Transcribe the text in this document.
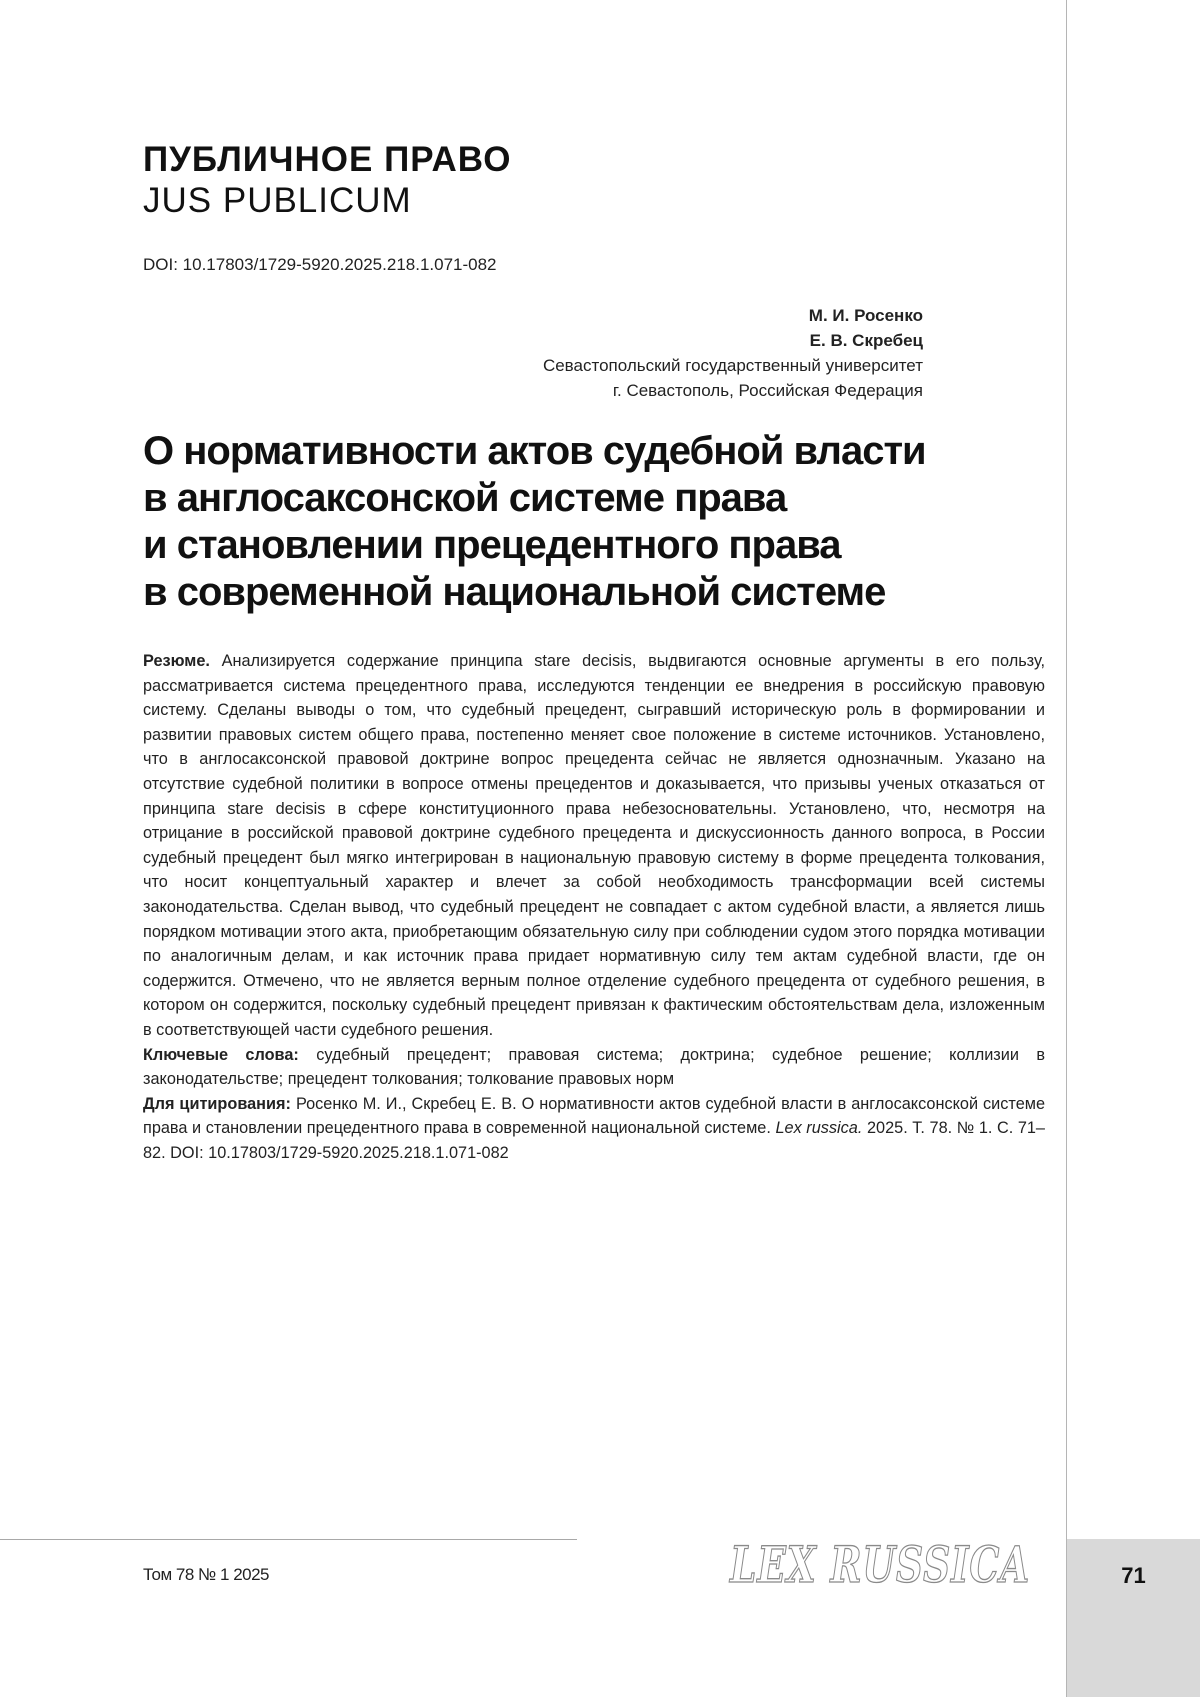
ПУБЛИЧНОЕ ПРАВО
JUS PUBLICUM
DOI: 10.17803/1729-5920.2025.218.1.071-082
М. И. Росенко
Е. В. Скребец
Севастопольский государственный университет
г. Севастополь, Российская Федерация
О нормативности актов судебной власти
в англосаксонской системе права
и становлении прецедентного права
в современной национальной системе

Резюме. Анализируется содержание принципа stare decisis, выдвигаются основные аргументы в его пользу, рассматривается система прецедентного права, исследуются тенденции ее внедрения в российскую правовую систему. Сделаны выводы о том, что судебный прецедент, сыгравший историческую роль в формировании и развитии правовых систем общего права, постепенно меняет свое положение в системе источников. Установлено, что в англосаксонской правовой доктрине вопрос прецедента сейчас не является однозначным. Указано на отсутствие судебной политики в вопросе отмены прецедентов и доказывается, что призывы ученых отказаться от принципа stare decisis в сфере конституционного права небезосновательны. Установлено, что, несмотря на отрицание в российской правовой доктрине судебного прецедента и дискуссионность данного вопроса, в России судебный прецедент был мягко интегрирован в национальную правовую систему в форме прецедента толкования, что носит концептуальный характер и влечет за собой необходимость трансформации всей системы законодательства. Сделан вывод, что судебный прецедент не совпадает с актом судебной власти, а является лишь порядком мотивации этого акта, приобретающим обязательную силу при соблюдении судом этого порядка мотивации по аналогичным делам, и как источник права придает нормативную силу тем актам судебной власти, где он содержится. Отмечено, что не является верным полное отделение судебного прецедента от судебного решения, в котором он содержится, поскольку судебный прецедент привязан к фактическим обстоятельствам дела, изложенным в соответствующей части судебного решения.

Ключевые слова: судебный прецедент; правовая система; доктрина; судебное решение; коллизии в законодательстве; прецедент толкования; толкование правовых норм

Для цитирования: Росенко М. И., Скребец Е. В. О нормативности актов судебной власти в англосаксонской системе права и становлении прецедентного права в современной национальной системе. Lex russica. 2025. Т. 78. № 1. С. 71–82. DOI: 10.17803/1729-5920.2025.218.1.071-082

Том 78 № 1 2025	LEX RUSSICA	71
